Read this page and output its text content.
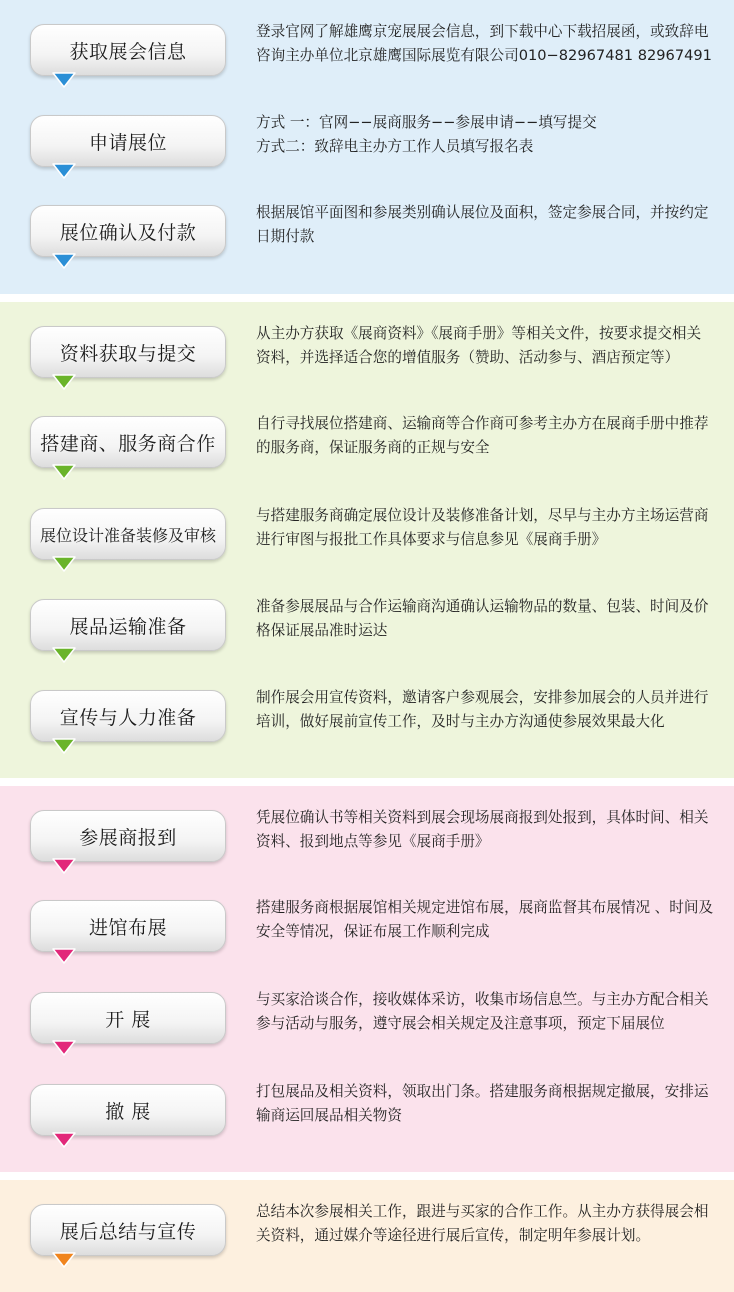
获取展会信息
登录官网了解雄鹰京宠展展会信息，到下载中心下载招展函，或致辞电咨询主办单位北京雄鹰国际展览有限公司010−82967481 82967491
申请展位
方式 一：官网−−展商服务−−参展申请−−填写提交
方式二：致辞电主办方工作人员填写报名表
展位确认及付款
根据展馆平面图和参展类别确认展位及面积，签定参展合同，并按约定日期付款
资料获取与提交
从主办方获取《展商资料》《展商手册》等相关文件，按要求提交相关资料，并选择适合您的增值服务（赞助、活动参与、酒店预定等）
搭建商、服务商合作
自行寻找展位搭建商、运输商等合作商可参考主办方在展商手册中推荐的服务商，保证服务商的正规与安全
展位设计准备装修及审核
与搭建服务商确定展位设计及装修准备计划，尽早与主办方主场运营商进行审图与报批工作具体要求与信息参见《展商手册》
展品运输准备
准备参展展品与合作运输商沟通确认运输物品的数量、包装、时间及价格保证展品准时运达
宣传与人力准备
制作展会用宣传资料，邀请客户参观展会，安排参加展会的人员并进行培训，做好展前宣传工作，及时与主办方沟通使参展效果最大化
参展商报到
凭展位确认书等相关资料到展会现场展商报到处报到，具体时间、相关资料、报到地点等参见《展商手册》
进馆布展
搭建服务商根据展馆相关规定进馆布展，展商监督其布展情况 、时间及安全等情况，保证布展工作顺利完成
开 展
与买家洽谈合作，接收媒体采访，收集市场信息竺。与主办方配合相关参与活动与服务，遵守展会相关规定及注意事项，预定下届展位
撤 展
打包展品及相关资料，领取出门条。搭建服务商根据规定撤展，安排运输商运回展品相关物资
展后总结与宣传
总结本次参展相关工作，跟进与买家的合作工作。从主办方获得展会相关资料，通过媒介等途径进行展后宣传，制定明年参展计划。
